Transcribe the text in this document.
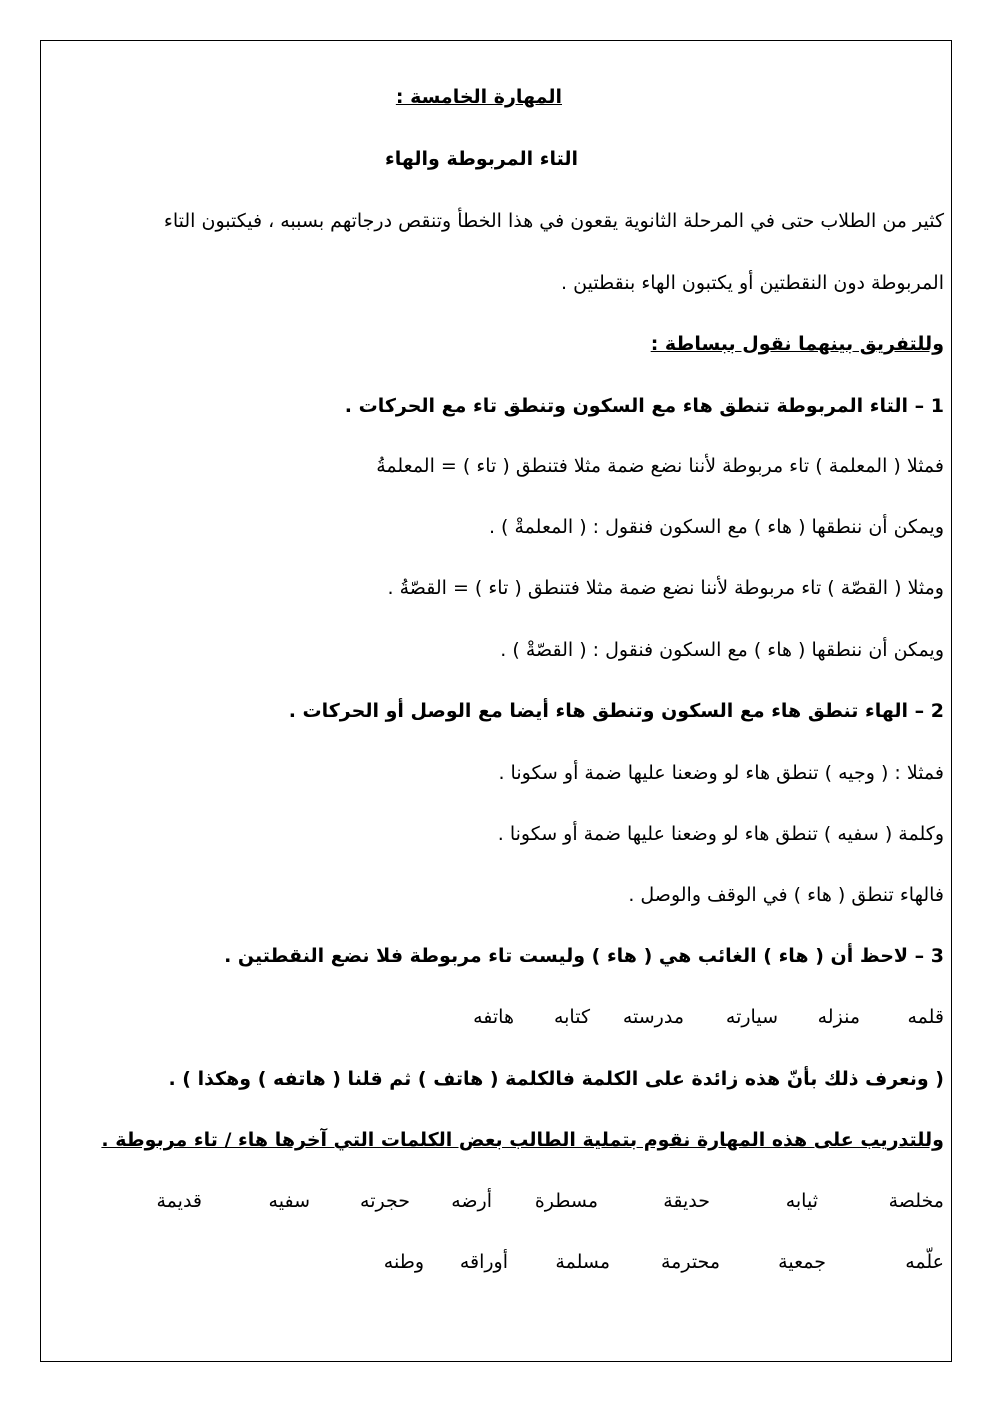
المهارة الخامسة :
التاء المربوطة والهاء
كثير من الطلاب حتى في المرحلة الثانوية يقعون في هذا الخطأ وتنقص درجاتهم بسببه ، فيكتبون التاء
المربوطة دون النقطتين أو يكتبون الهاء بنقطتين .
وللتفريق بينهما نقول ببساطة :
1 – التاء المربوطة تنطق هاء مع السكون وتنطق تاء مع الحركات .
فمثلا ( المعلمة ) تاء مربوطة لأننا نضع ضمة مثلا فتنطق ( تاء ) = المعلمةُ
ويمكن أن ننطقها ( هاء ) مع السكون فنقول : ( المعلمةْ ) .
ومثلا ( القصّة ) تاء مربوطة لأننا نضع ضمة مثلا فتنطق ( تاء ) = القصّةُ .
ويمكن أن ننطقها ( هاء ) مع السكون فنقول : ( القصّةْ ) .
2 – الهاء تنطق هاء مع السكون وتنطق هاء أيضا مع الوصل أو الحركات .
فمثلا : ( وجيه ) تنطق هاء لو وضعنا عليها ضمة أو سكونا .
وكلمة ( سفيه ) تنطق هاء لو وضعنا عليها ضمة أو سكونا .
فالهاء تنطق ( هاء ) في الوقف والوصل .
3 – لاحظ أن ( هاء ) الغائب هي ( هاء ) وليست تاء مربوطة فلا نضع النقطتين .
قلمه
منزله
سيارته
مدرسته
كتابه
هاتفه
( ونعرف ذلك بأنّ هذه زائدة على الكلمة فالكلمة ( هاتف ) ثم قلنا ( هاتفه ) وهكذا ) .
وللتدريب على هذه المهارة نقوم بتملية الطالب بعض الكلمات التي آخرها هاء / تاء مربوطة .
مخلصة
ثيابه
حديقة
مسطرة
أرضه
حجرته
سفيه
قديمة
علّمه
جمعية
محترمة
مسلمة
أوراقه
وطنه
